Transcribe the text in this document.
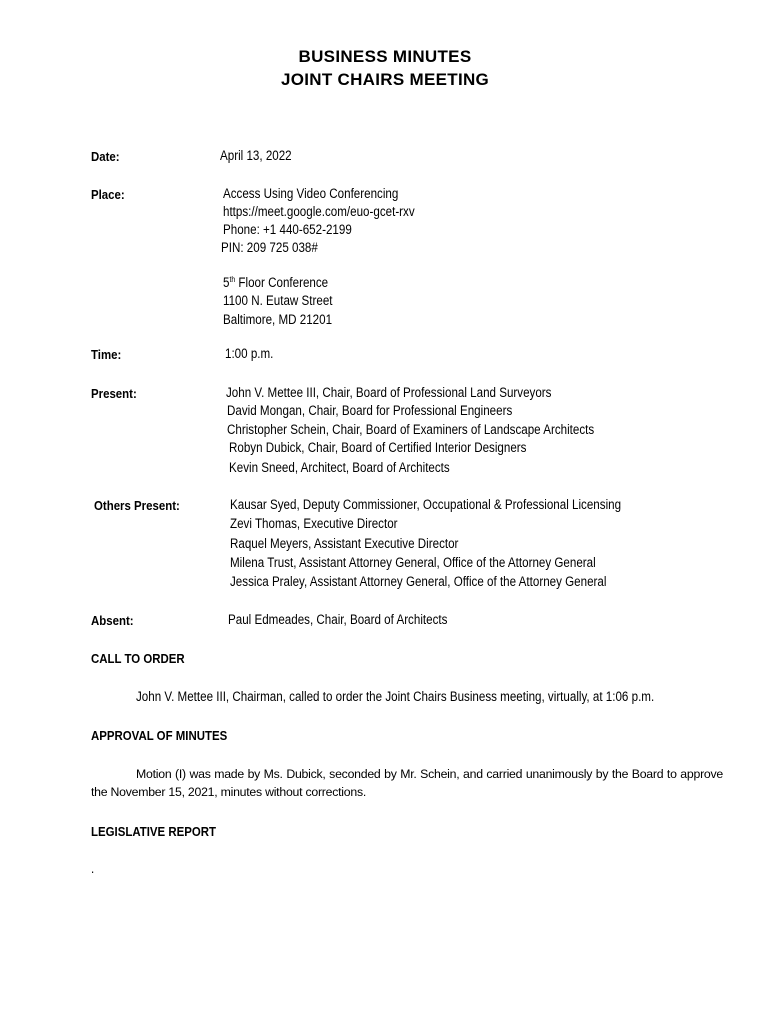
BUSINESS MINUTES
JOINT CHAIRS MEETING
Date:	April 13, 2022
Place:	Access Using Video Conferencing
https://meet.google.com/euo-gcet-rxv
Phone: +1 440-652-2199
PIN: 209 725 038#
5th Floor Conference
1100 N. Eutaw Street
Baltimore, MD 21201
Time:	1:00 p.m.
Present:	John V. Mettee III, Chair, Board of Professional Land Surveyors
David Mongan, Chair, Board for Professional Engineers
Christopher Schein, Chair, Board of Examiners of Landscape Architects
Robyn Dubick, Chair, Board of Certified Interior Designers
Kevin Sneed, Architect, Board of Architects
Others Present:	Kausar Syed, Deputy Commissioner, Occupational & Professional Licensing
Zevi Thomas, Executive Director
Raquel Meyers, Assistant Executive Director
Milena Trust, Assistant Attorney General, Office of the Attorney General
Jessica Praley, Assistant Attorney General, Office of the Attorney General
Absent:	Paul Edmeades, Chair, Board of Architects
CALL TO ORDER
John V. Mettee III, Chairman, called to order the Joint Chairs Business meeting, virtually, at 1:06 p.m.
APPROVAL OF MINUTES
Motion (I) was made by Ms. Dubick, seconded by Mr. Schein, and carried unanimously by the Board to approve the November 15, 2021, minutes without corrections.
LEGISLATIVE REPORT
.
